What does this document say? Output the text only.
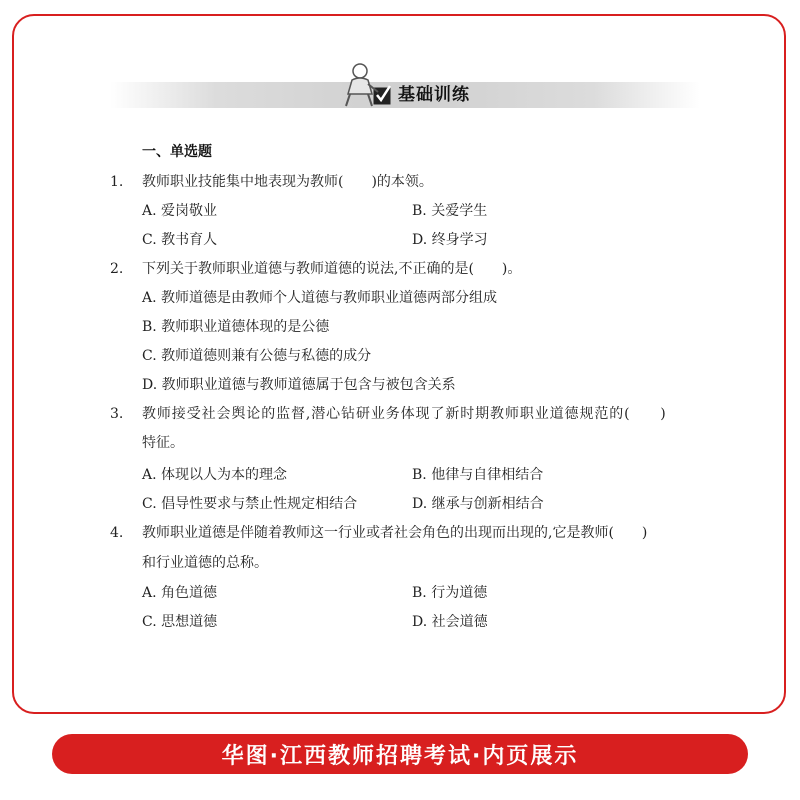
基础训练
一、单选题
1. 教师职业技能集中地表现为教师(　　)的本领。
A. 爱岗敬业	B. 关爱学生
C. 教书育人	D. 终身学习
2. 下列关于教师职业道德与教师道德的说法,不正确的是(　　)。
A. 教师道德是由教师个人道德与教师职业道德两部分组成
B. 教师职业道德体现的是公德
C. 教师道德则兼有公德与私德的成分
D. 教师职业道德与教师道德属于包含与被包含关系
3. 教师接受社会舆论的监督,潜心钻研业务体现了新时期教师职业道德规范的(　　)
特征。
A. 体现以人为本的理念	B. 他律与自律相结合
C. 倡导性要求与禁止性规定相结合	D. 继承与创新相结合
4. 教师职业道德是伴随着教师这一行业或者社会角色的出现而出现的,它是教师(　　)
和行业道德的总称。
A. 角色道德	B. 行为道德
C. 思想道德	D. 社会道德
华图·江西教师招聘考试·内页展示
